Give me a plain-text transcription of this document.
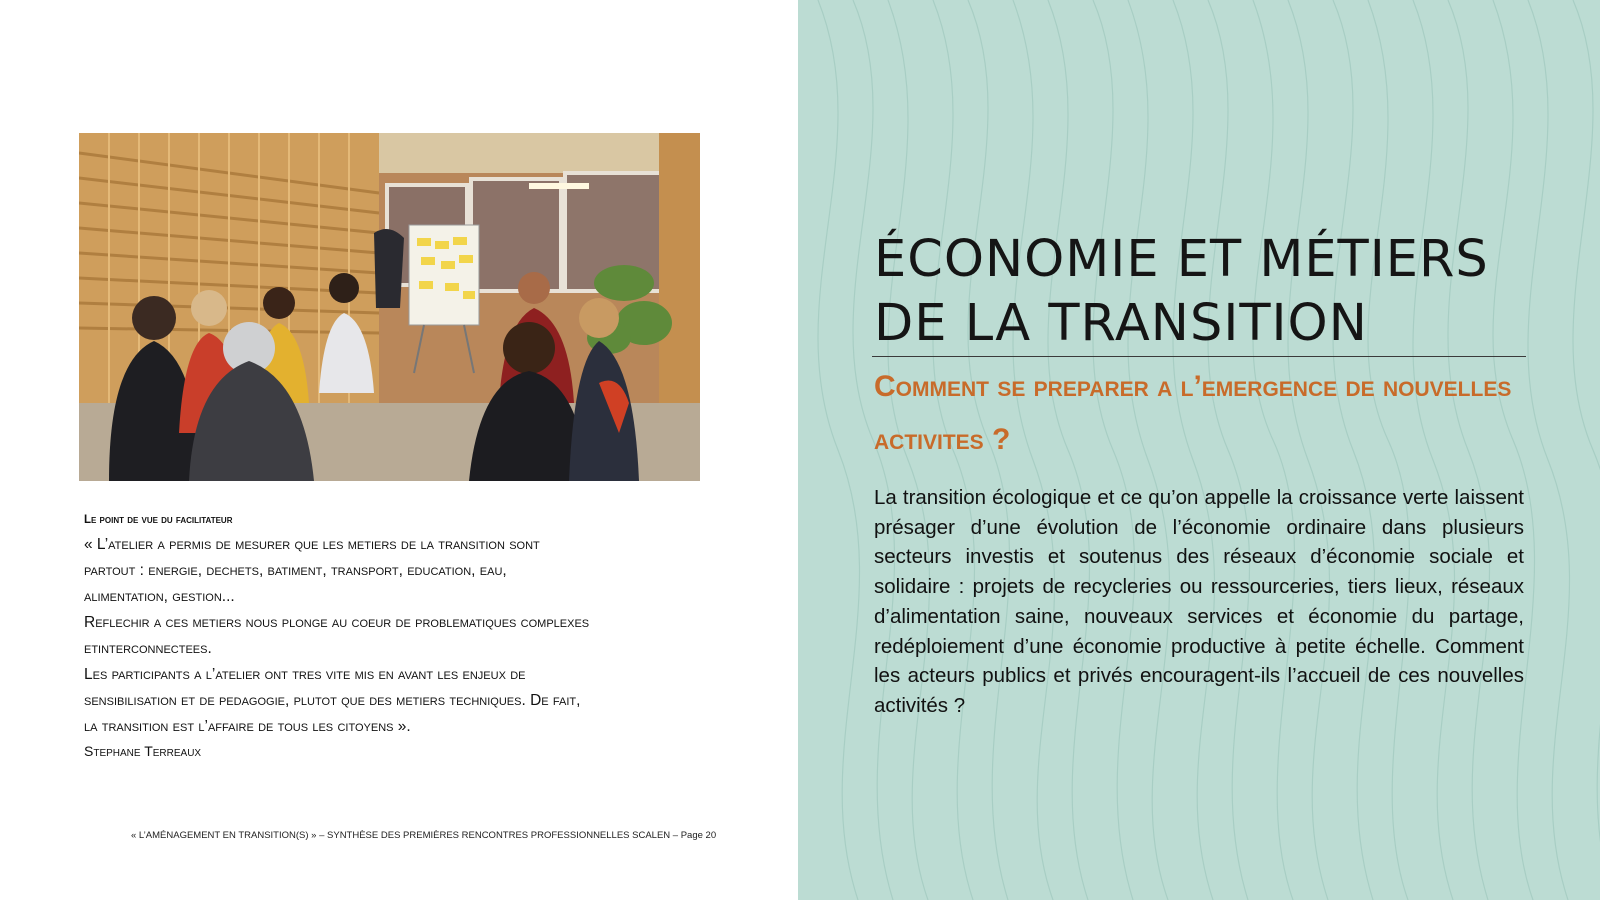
Le point de vue du facilitateur
« L’atelier a permis de mesurer que les metiers de la transition sont
partout : energie, dechets, batiment, transport, education, eau,
alimentation, gestion...
Reflechir a ces metiers nous plonge au coeur de problematiques complexes
etinterconnectees.
Les participants a l’atelier ont tres vite mis en avant les enjeux de
sensibilisation et de pedagogie, plutot que des metiers techniques. De fait,
la transition est l’affaire de tous les citoyens ».
Stephane Terreaux
« L’AMÉNAGEMENT EN TRANSITION(S) » – SYNTHÈSE DES PREMIÈRES RENCONTRES PROFESSIONNELLES SCALEN – Page 20
ÉCONOMIE ET MÉTIERS
DE LA TRANSITION
Comment se preparer a l’emergence de nouvelles activites ?
La transition écologique et ce qu’on appelle la croissance verte laissent présager d’une évolution de l’économie ordinaire dans plusieurs secteurs investis et soutenus des réseaux d’économie sociale et solidaire : projets de recycleries ou ressourceries, tiers lieux, réseaux d’alimentation saine, nouveaux services et économie du partage, redéploiement d’une économie productive à petite échelle. Comment les acteurs publics et privés encouragent-ils l’accueil de ces nouvelles activités ?
